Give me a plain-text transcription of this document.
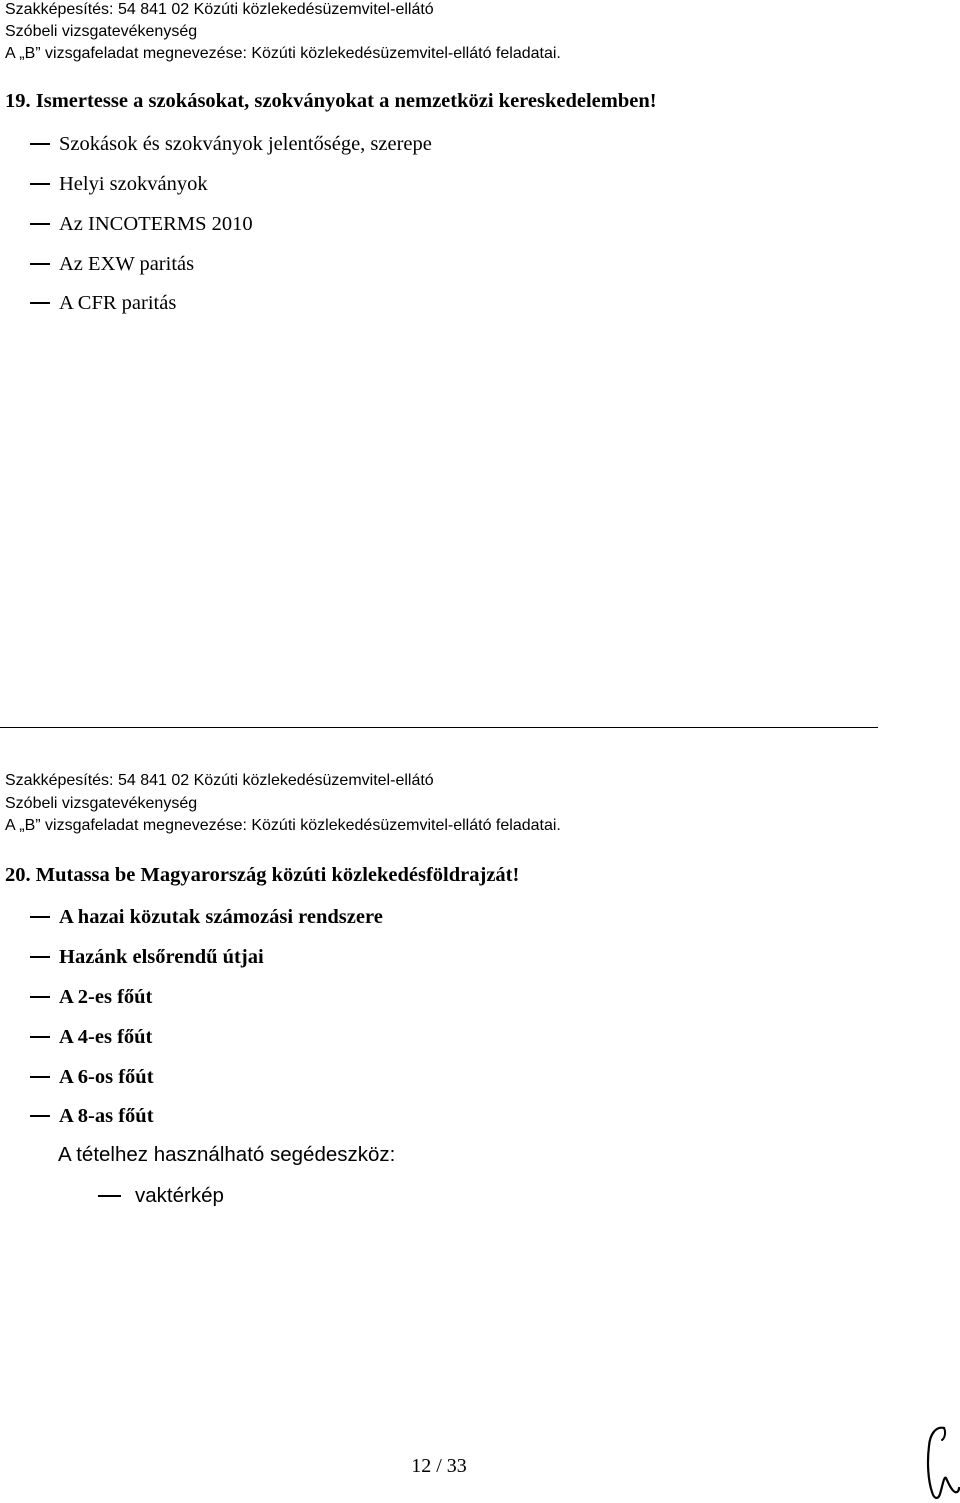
Szakképesítés: 54 841 02 Közúti közlekedésüzemvitel-ellátó
Szóbeli vizsgatevékenység
A „B” vizsgafeladat megnevezése: Közúti közlekedésüzemvitel-ellátó feladatai.
19. Ismertesse a szokásokat, szokványokat a nemzetközi kereskedelemben!
Szokások és szokványok jelentősége, szerepe
Helyi szokványok
Az INCOTERMS 2010
Az EXW paritás
A CFR paritás
Szakképesítés: 54 841 02 Közúti közlekedésüzemvitel-ellátó
Szóbeli vizsgatevékenység
A „B” vizsgafeladat megnevezése: Közúti közlekedésüzemvitel-ellátó feladatai.
20. Mutassa be Magyarország közúti közlekedésföldrajzát!
A hazai közutak számozási rendszere
Hazánk elsőrendű útjai
A 2-es főút
A 4-es főút
A 6-os főút
A 8-as főút
A tételhez használható segédeszköz:
vaktérkép
12 / 33
